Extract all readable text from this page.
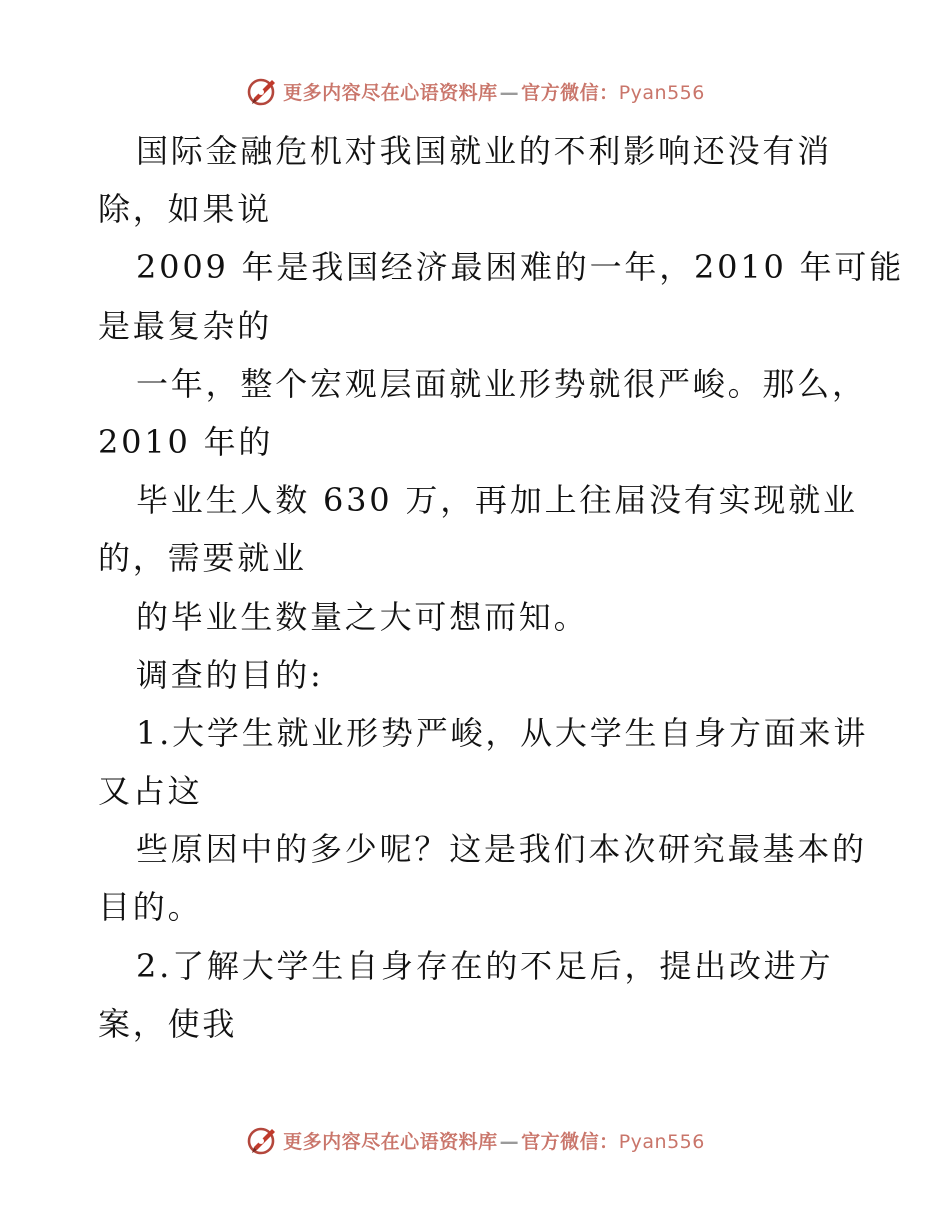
更多内容尽在心语资料库 — 官方微信：Pyan556
国际金融危机对我国就业的不利影响还没有消
除，如果说
2009 年是我国经济最困难的一年，2010 年可能
是最复杂的
一年，整个宏观层面就业形势就很严峻。那么，
2010 年的
毕业生人数 630 万，再加上往届没有实现就业
的，需要就业
的毕业生数量之大可想而知。
调查的目的:
1.大学生就业形势严峻，从大学生自身方面来讲
又占这
些原因中的多少呢？这是我们本次研究最基本的
目的。
2.了解大学生自身存在的不足后，提出改进方
案，使我
更多内容尽在心语资料库 — 官方微信：Pyan556
